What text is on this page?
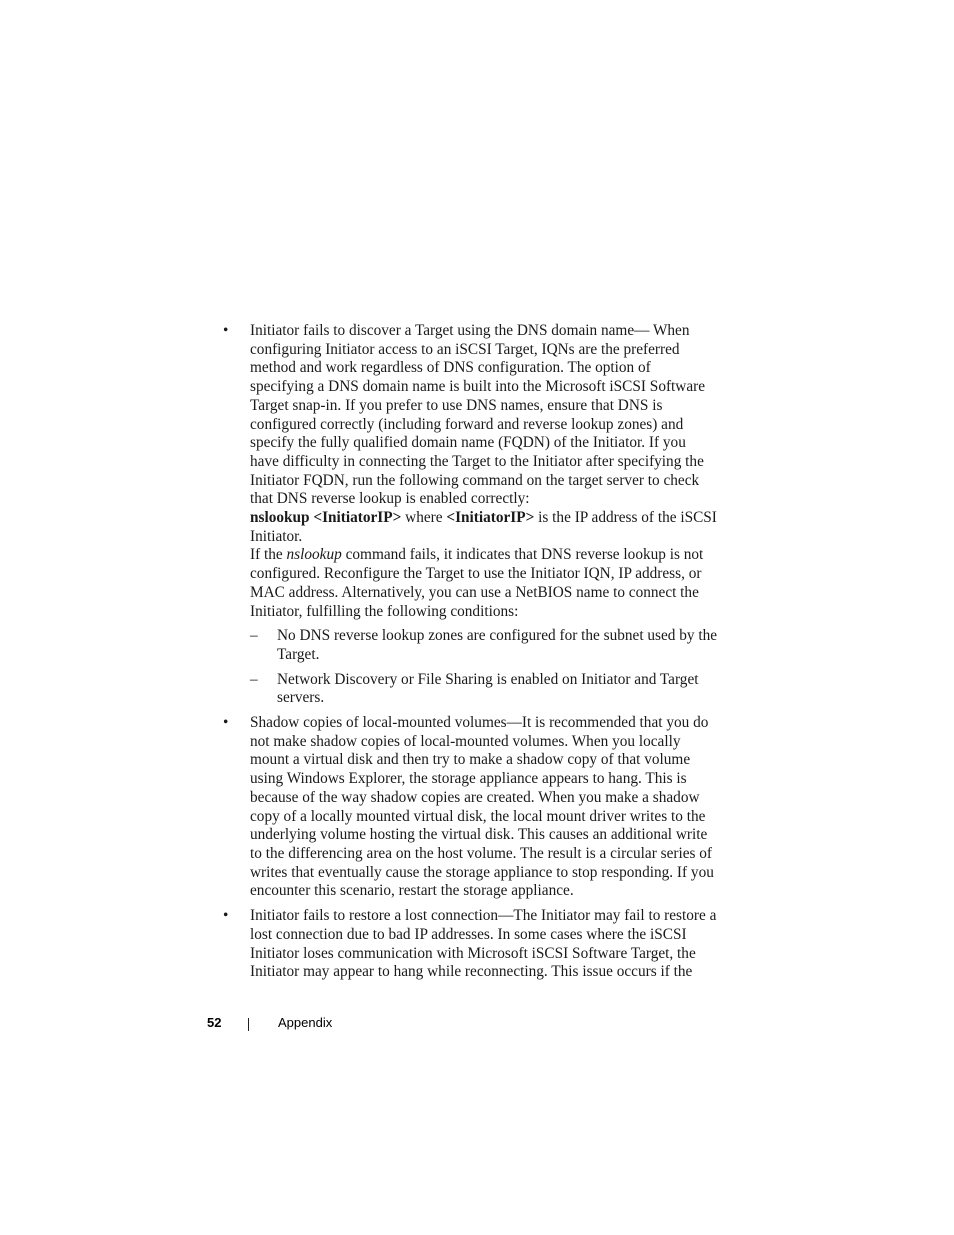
•	Initiator fails to discover a Target using the DNS domain name— When configuring Initiator access to an iSCSI Target, IQNs are the preferred method and work regardless of DNS configuration. The option of specifying a DNS domain name is built into the Microsoft iSCSI Software Target snap-in. If you prefer to use DNS names, ensure that DNS is configured correctly (including forward and reverse lookup zones) and specify the fully qualified domain name (FQDN) of the Initiator. If you have difficulty in connecting the Target to the Initiator after specifying the Initiator FQDN, run the following command on the target server to check that DNS reverse lookup is enabled correctly:

nslookup <InitiatorIP> where <InitiatorIP> is the IP address of the iSCSI Initiator.

If the nslookup command fails, it indicates that DNS reverse lookup is not configured. Reconfigure the Target to use the Initiator IQN, IP address, or MAC address. Alternatively, you can use a NetBIOS name to connect the Initiator, fulfilling the following conditions:

–	No DNS reverse lookup zones are configured for the subnet used by the Target.
–	Network Discovery or File Sharing is enabled on Initiator and Target servers.
•	Shadow copies of local-mounted volumes—It is recommended that you do not make shadow copies of local-mounted volumes. When you locally mount a virtual disk and then try to make a shadow copy of that volume using Windows Explorer, the storage appliance appears to hang. This is because of the way shadow copies are created. When you make a shadow copy of a locally mounted virtual disk, the local mount driver writes to the underlying volume hosting the virtual disk. This causes an additional write to the differencing area on the host volume. The result is a circular series of writes that eventually cause the storage appliance to stop responding. If you encounter this scenario, restart the storage appliance.

•	Initiator fails to restore a lost connection—The Initiator may fail to restore a lost connection due to bad IP addresses. In some cases where the iSCSI Initiator loses communication with Microsoft iSCSI Software Target, the Initiator may appear to hang while reconnecting. This issue occurs if the

52	Appendix
